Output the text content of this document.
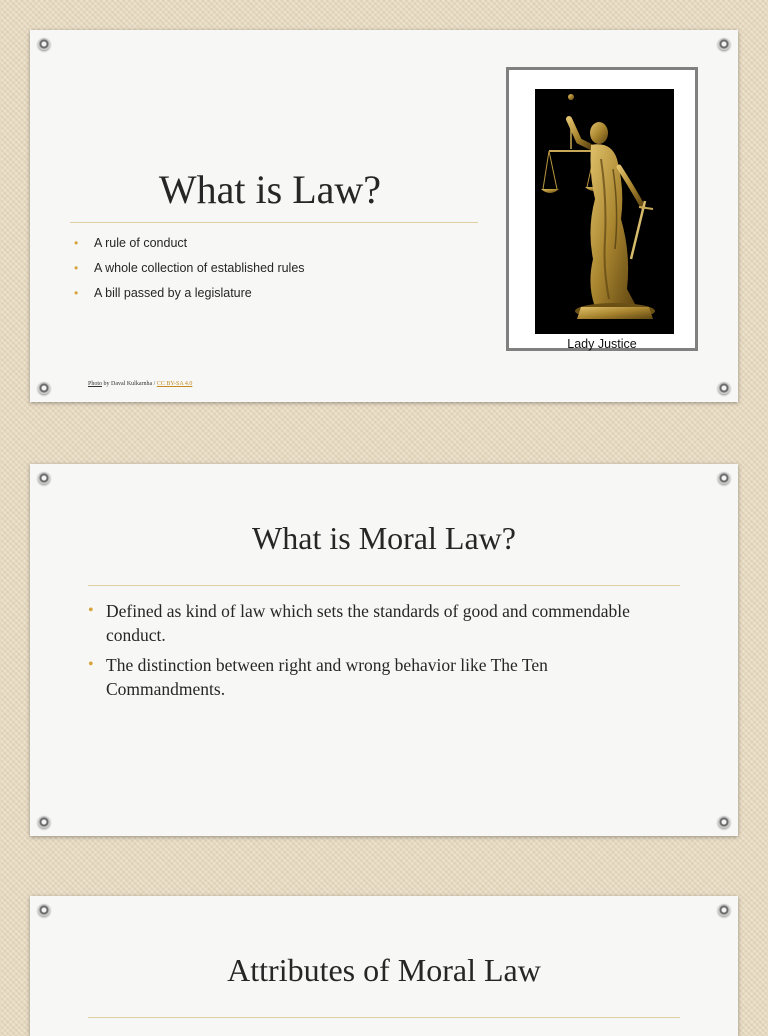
What is Law?
• A rule of conduct
• A whole collection of established rules
• A bill passed by a legislature
Lady Justice
Photo by Daval Kulkarnha / CC BY-SA 4.0
What is Moral Law?
• Defined as kind of law which sets the standards of good and commendable conduct.
• The distinction between right and wrong behavior like The Ten Commandments.
Attributes of Moral Law
